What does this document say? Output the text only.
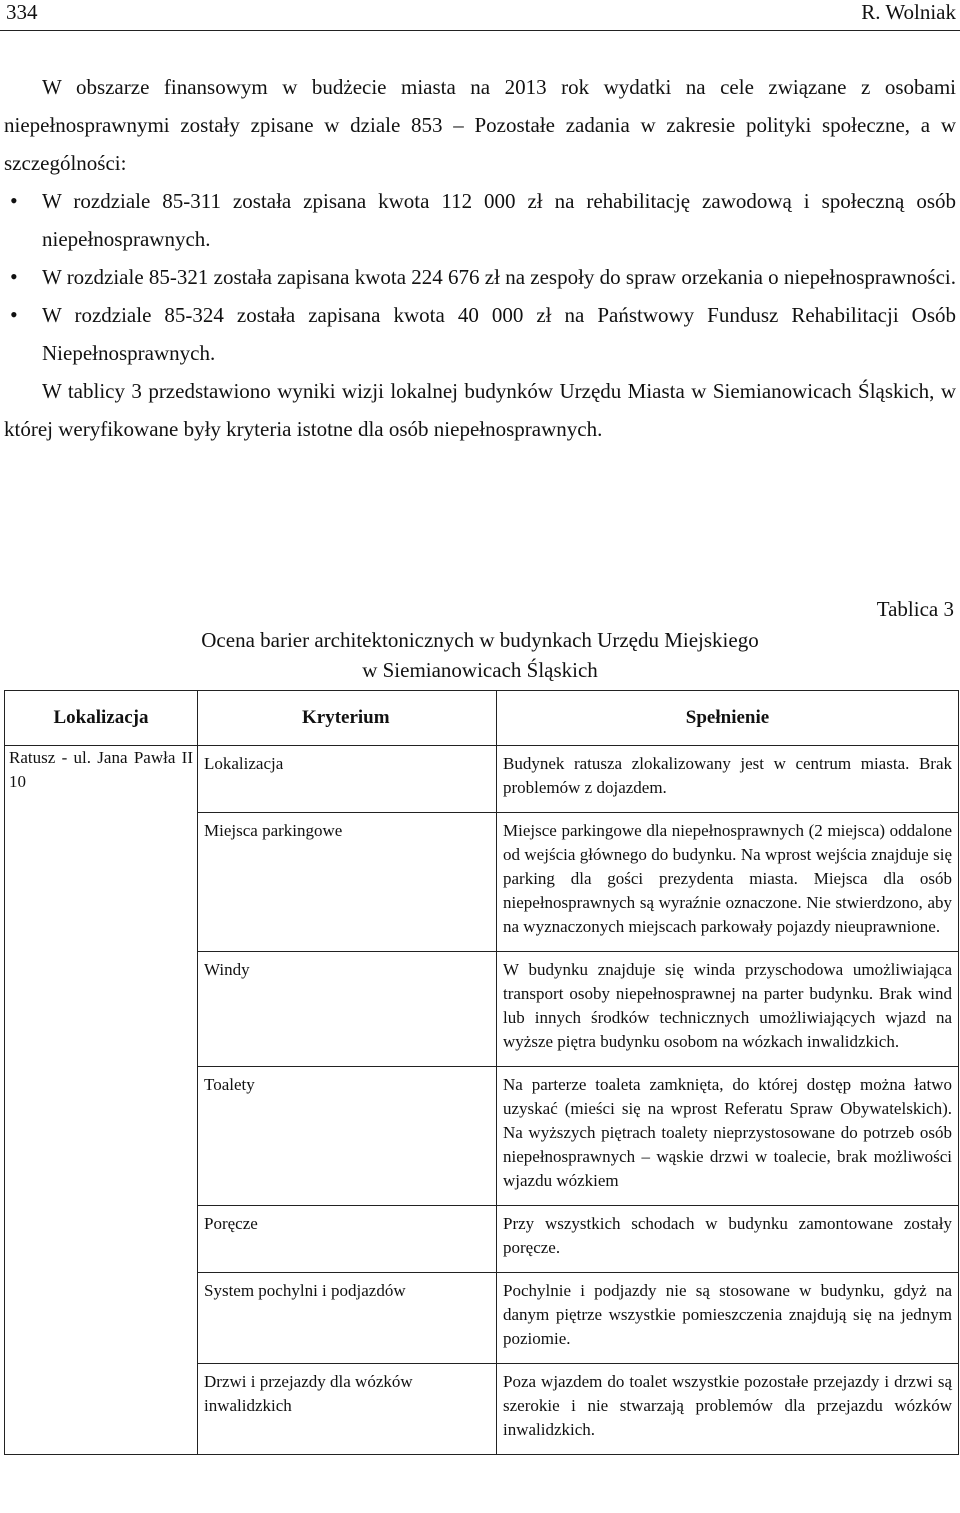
334	R. Wolniak
W obszarze finansowym w budżecie miasta na 2013 rok wydatki na cele związane z osobami niepełnosprawnymi zostały zpisane w dziale 853 – Pozostałe zadania w zakresie polityki społeczne, a w szczególności:
• W rozdziale 85-311 została zpisana kwota 112 000 zł na rehabilitację zawodową i społeczną osób niepełnosprawnych.
• W rozdziale 85-321 została zapisana kwota 224 676 zł na zespoły do spraw orzekania o niepełnosprawności.
• W rozdziale 85-324 została zapisana kwota 40 000 zł na Państwowy Fundusz Rehabilitacji Osób Niepełnosprawnych.
W tablicy 3 przedstawiono wyniki wizji lokalnej budynków Urzędu Miasta w Siemianowicach Śląskich, w której weryfikowane były kryteria istotne dla osób niepełnosprawnych.
Tablica 3
Ocena barier architektonicznych w budynkach Urzędu Miejskiego
w Siemianowicach Śląskich
Lokalizacja	Kryterium	Spełnienie
Ratusz - ul. Jana Pawła II 10	Lokalizacja	Budynek ratusza zlokalizowany jest w centrum miasta. Brak problemów z dojazdem.
	Miejsca parkingowe	Miejsce parkingowe dla niepełnosprawnych (2 miejsca) oddalone od wejścia głównego do budynku. Na wprost wejścia znajduje się parking dla gości prezydenta miasta. Miejsca dla osób niepełnosprawnych są wyraźnie oznaczone. Nie stwierdzono, aby na wyznaczonych miejscach parkowały pojazdy nieuprawnione.
	Windy	W budynku znajduje się winda przyschodowa umożliwiająca transport osoby niepełnosprawnej na parter budynku. Brak wind lub innych środków technicznych umożliwiających wjazd na wyższe piętra budynku osobom na wózkach inwalidzkich.
	Toalety	Na parterze toaleta zamknięta, do której dostęp można łatwo uzyskać (mieści się na wprost Referatu Spraw Obywatelskich). Na wyższych piętrach toalety nieprzystosowane do potrzeb osób niepełnosprawnych – wąskie drzwi w toalecie, brak możliwości wjazdu wózkiem
	Poręcze	Przy wszystkich schodach w budynku zamontowane zostały poręcze.
	System pochylni i podjazdów	Pochylnie i podjazdy nie są stosowane w budynku, gdyż na danym piętrze wszystkie pomieszczenia znajdują się na jednym poziomie.
	Drzwi i przejazdy dla wózków inwalidzkich	Poza wjazdem do toalet wszystkie pozostałe przejazdy i drzwi są szerokie i nie stwarzają problemów dla przejazdu wózków inwalidzkich.
